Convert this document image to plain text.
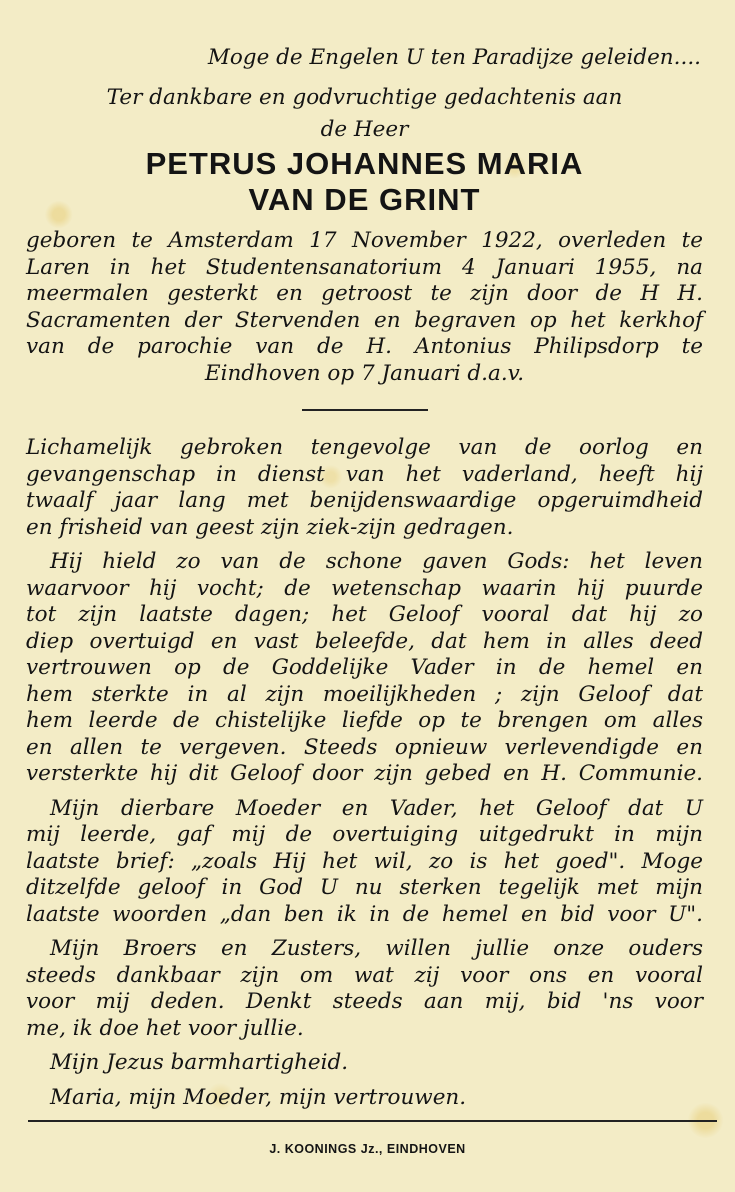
Moge de Engelen U ten Paradijze geleiden....

Ter dankbare en godvruchtige gedachtenis aan

de Heer

PETRUS JOHANNES MARIA

VAN DE GRINT

geboren te Amsterdam 17 November 1922, overleden te
Laren in het Studentensanatorium 4 Januari 1955, na
meermalen gesterkt en getroost te zijn door de H H.
Sacramenten der Stervenden en begraven op het kerkhof
van de parochie van de H. Antonius Philipsdorp te
Eindhoven op 7 Januari d.a.v.
Lichamelijk gebroken tengevolge van de oorlog en
gevangenschap in dienst van het vaderland, heeft hij
twaalf jaar lang met benijdenswaardige opgeruimdheid
en frisheid van geest zijn ziek-zijn gedragen.
Hij hield zo van de schone gaven Gods: het leven
waarvoor hij vocht; de wetenschap waarin hij puurde
tot zijn laatste dagen; het Geloof vooral dat hij zo
diep overtuigd en vast beleefde, dat hem in alles deed
vertrouwen op de Goddelijke Vader in de hemel en
hem sterkte in al zijn moeilijkheden ; zijn Geloof dat
hem leerde de chistelijke liefde op te brengen om alles
en allen te vergeven. Steeds opnieuw verlevendigde en
versterkte hij dit Geloof door zijn gebed en H. Communie.
Mijn dierbare Moeder en Vader, het Geloof dat U
mij leerde, gaf mij de overtuiging uitgedrukt in mijn
laatste brief: „zoals Hij het wil, zo is het goed". Moge
ditzelfde geloof in God U nu sterken tegelijk met mijn
laatste woorden „dan ben ik in de hemel en bid voor U".
Mijn Broers en Zusters, willen jullie onze ouders
steeds dankbaar zijn om wat zij voor ons en vooral
voor mij deden. Denkt steeds aan mij, bid 'ns voor
me, ik doe het voor jullie.
Mijn Jezus barmhartigheid.
Maria, mijn Moeder, mijn vertrouwen.
J. KOONINGS Jz., EINDHOVEN
